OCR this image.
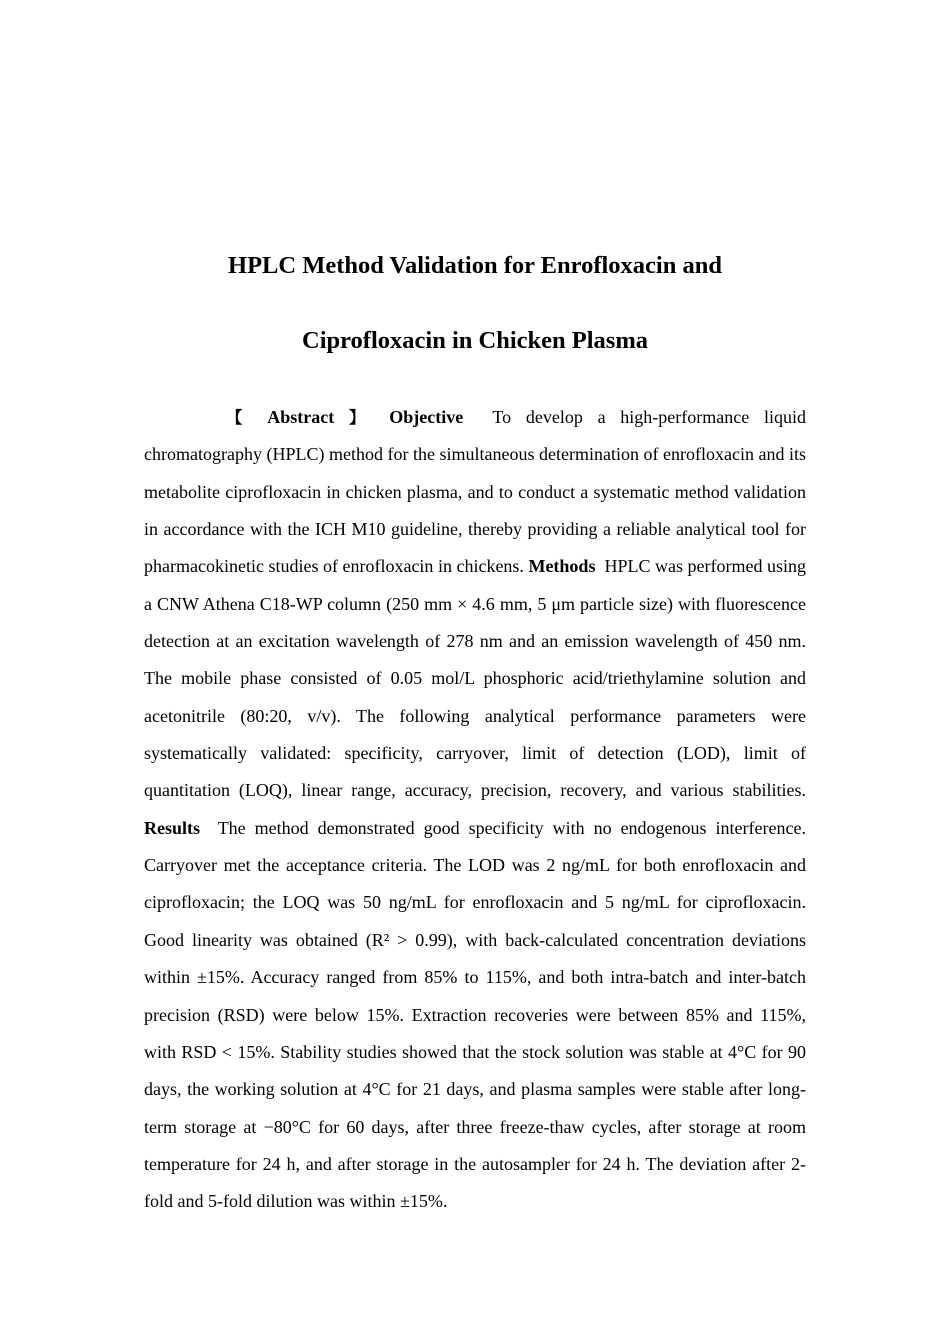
HPLC Method Validation for Enrofloxacin and
Ciprofloxacin in Chicken Plasma

【 Abstract 】 Objective To develop a high-performance liquid chromatography (HPLC) method for the simultaneous determination of enrofloxacin and its metabolite ciprofloxacin in chicken plasma, and to conduct a systematic method validation in accordance with the ICH M10 guideline, thereby providing a reliable analytical tool for pharmacokinetic studies of enrofloxacin in chickens. Methods HPLC was performed using a CNW Athena C18-WP column (250 mm × 4.6 mm, 5 μm particle size) with fluorescence detection at an excitation wavelength of 278 nm and an emission wavelength of 450 nm. The mobile phase consisted of 0.05 mol/L phosphoric acid/triethylamine solution and acetonitrile (80:20, v/v). The following analytical performance parameters were systematically validated: specificity, carryover, limit of detection (LOD), limit of quantitation (LOQ), linear range, accuracy, precision, recovery, and various stabilities. Results The method demonstrated good specificity with no endogenous interference. Carryover met the acceptance criteria. The LOD was 2 ng/mL for both enrofloxacin and ciprofloxacin; the LOQ was 50 ng/mL for enrofloxacin and 5 ng/mL for ciprofloxacin. Good linearity was obtained (R² > 0.99), with back-calculated concentration deviations within ±15%. Accuracy ranged from 85% to 115%, and both intra-batch and inter-batch precision (RSD) were below 15%. Extraction recoveries were between 85% and 115%, with RSD < 15%. Stability studies showed that the stock solution was stable at 4°C for 90 days, the working solution at 4°C for 21 days, and plasma samples were stable after long-term storage at −80°C for 60 days, after three freeze-thaw cycles, after storage at room temperature for 24 h, and after storage in the autosampler for 24 h. The deviation after 2-fold and 5-fold dilution was within ±15%.
